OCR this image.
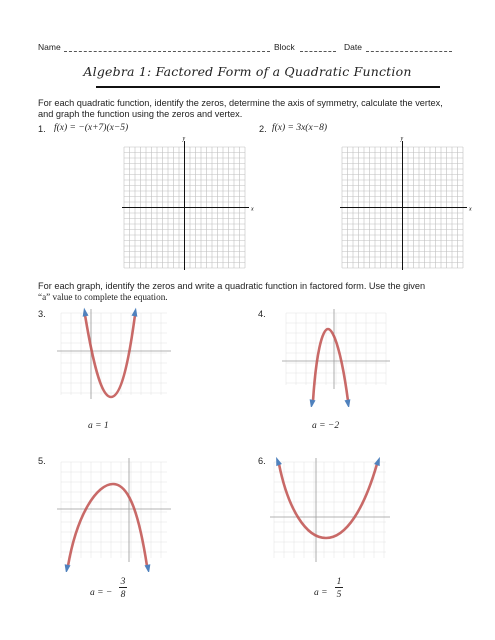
Name	Block	Date
Algebra 1: Factored Form of a Quadratic Function
For each quadratic function, identify the zeros, determine the axis of symmetry, calculate the vertex, and graph the function using the zeros and vertex.
1. f(x) = −(x+7)(x−5)	2. f(x) = 3x(x−8)
x
y
x
y
For each graph, identify the zeros and write a quadratic function in factored form. Use the given
“a” value to complete the equation.
3.	4.
5.	6.
a = 1	a = −2
a = −
3
8	a =
1
5
